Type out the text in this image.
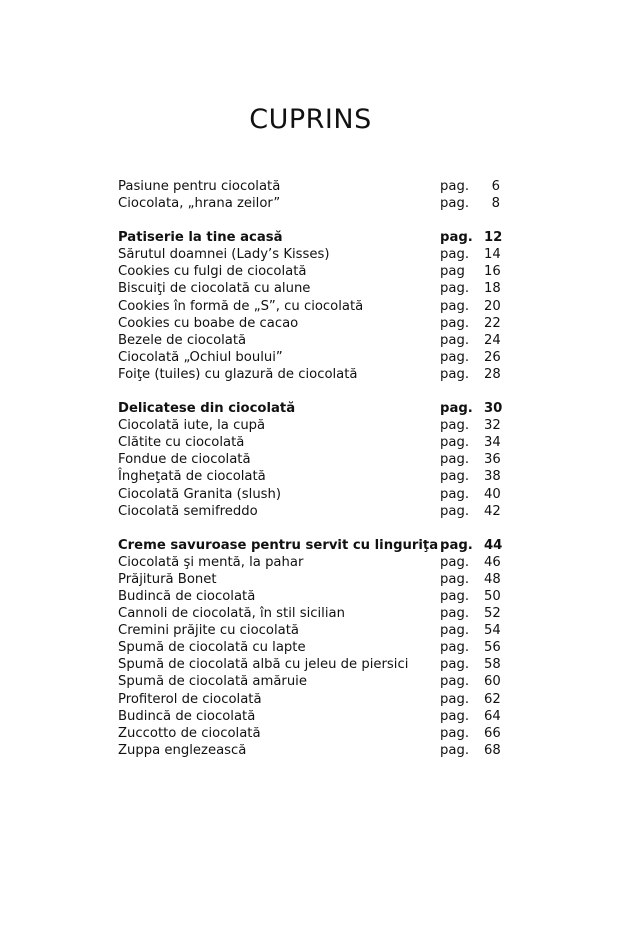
CUPRINS
Pasiune pentru ciocolată	pag.	6
Ciocolata, „hrana zeilor”	pag.	8
Patiserie la tine acasă	pag. 12
Sărutul doamnei (Lady’s Kisses)	pag.	14
Cookies cu fulgi de ciocolată	pag	16
Biscuiţi de ciocolată cu alune	pag.	18
Cookies în formă de „S”, cu ciocolată	pag.	20
Cookies cu boabe de cacao	pag.	22
Bezele de ciocolată	pag.	24
Ciocolată „Ochiul boului”	pag.	26
Foiţe (tuiles) cu glazură de ciocolată	pag.	28
Delicatese din ciocolată	pag. 30
Ciocolată iute, la cupă	pag.	32
Clătite cu ciocolată	pag.	34
Fondue de ciocolată	pag.	36
Îngheţată de ciocolată	pag.	38
Ciocolată Granita (slush)	pag.	40
Ciocolată semifreddo	pag.	42
Creme savuroase pentru servit cu linguriţa pag. 44
Ciocolată şi mentă, la pahar	pag.	46
Prăjitură Bonet	pag.	48
Budincă de ciocolată	pag.	50
Cannoli de ciocolată, în stil sicilian	pag.	52
Cremini prăjite cu ciocolată	pag.	54
Spumă de ciocolată cu lapte	pag.	56
Spumă de ciocolată albă cu jeleu de piersici	pag.	58
Spumă de ciocolată amăruie	pag.	60
Profiterol de ciocolată	pag.	62
Budincă de ciocolată	pag.	64
Zuccotto de ciocolată	pag.	66
Zuppa englezească	pag.	68
